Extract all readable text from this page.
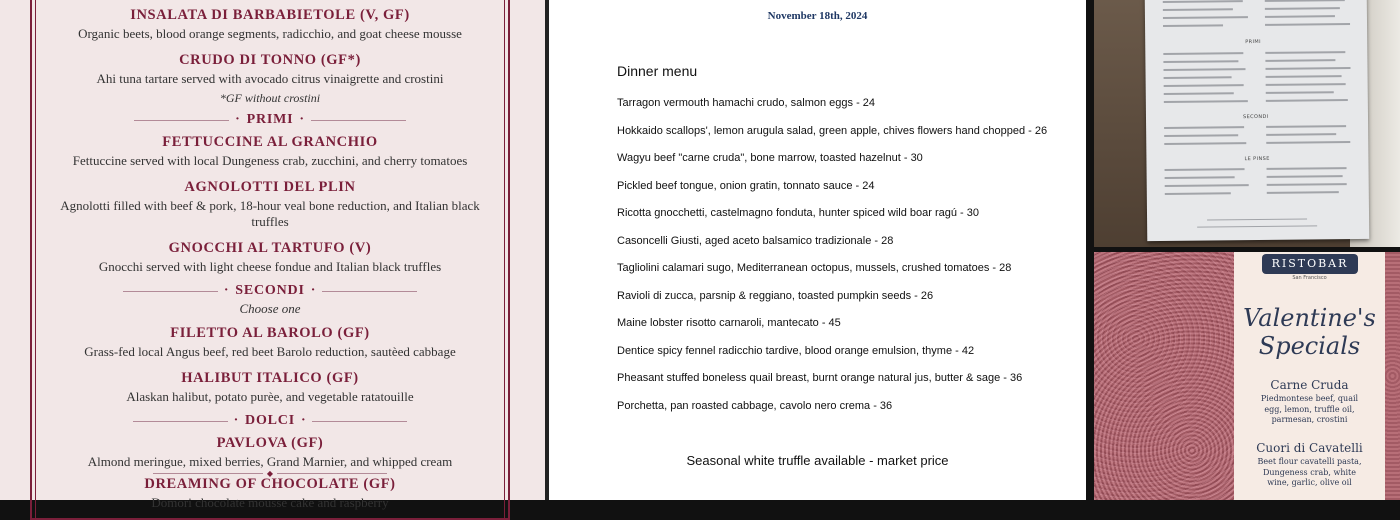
INSALATA DI BARBABIETOLE (V, GF)

Organic beets, blood orange segments, radicchio, and goat cheese mousse

CRUDO DI TONNO (GF*)

Ahi tuna tartare served with avocado citrus vinaigrette and crostini

*GF without crostini

· PRIMI ·

FETTUCCINE AL GRANCHIO

Fettuccine served with local Dungeness crab, zucchini, and cherry tomatoes

AGNOLOTTI DEL PLIN

Agnolotti filled with beef & pork, 18-hour veal bone reduction, and Italian black truffles

GNOCCHI AL TARTUFO (V)

Gnocchi served with light cheese fondue and Italian black truffles

· SECONDI ·
Choose one

FILETTO AL BAROLO (GF)

Grass-fed local Angus beef, red beet Barolo reduction, sautèed cabbage

HALIBUT ITALICO (GF)

Alaskan halibut, potato purèe, and vegetable ratatouille

· DOLCI ·

PAVLOVA (GF)

Almond meringue, mixed berries, Grand Marnier, and whipped cream

◆

DREAMING OF CHOCOLATE (GF)

Domori chocolate mousse cake and raspberry

November 18th, 2024
Dinner menu
Tarragon vermouth hamachi crudo, salmon eggs - 24
Hokkaido scallops', lemon arugula salad, green apple, chives flowers hand chopped - 26
Wagyu beef "carne cruda", bone marrow, toasted hazelnut - 30
Pickled beef tongue, onion gratin, tonnato sauce - 24
Ricotta gnocchetti, castelmagno fonduta, hunter spiced wild boar ragú - 30
Casoncelli Giusti, aged aceto balsamico tradizionale - 28
Tagliolini calamari sugo, Mediterranean octopus, mussels, crushed tomatoes - 28
Ravioli di zucca, parsnip & reggiano, toasted pumpkin seeds - 26
Maine lobster risotto carnaroli, mantecato - 45
Dentice spicy fennel radicchio tardive, blood orange emulsion, thyme - 42
Pheasant stuffed boneless quail breast, burnt orange natural jus, butter & sage - 36
Porchetta, pan roasted cabbage, cavolo nero crema - 36
Seasonal white truffle available - market price
PRIMI
SECONDI
LE PINSE
RISTOBAR
San Francisco
Valentine's
Specials
Carne Cruda
Piedmontese beef, quail egg, lemon, truffle oil, parmesan, crostini
Cuori di Cavatelli
Beet flour cavatelli pasta, Dungeness crab, white wine, garlic, olive oil
